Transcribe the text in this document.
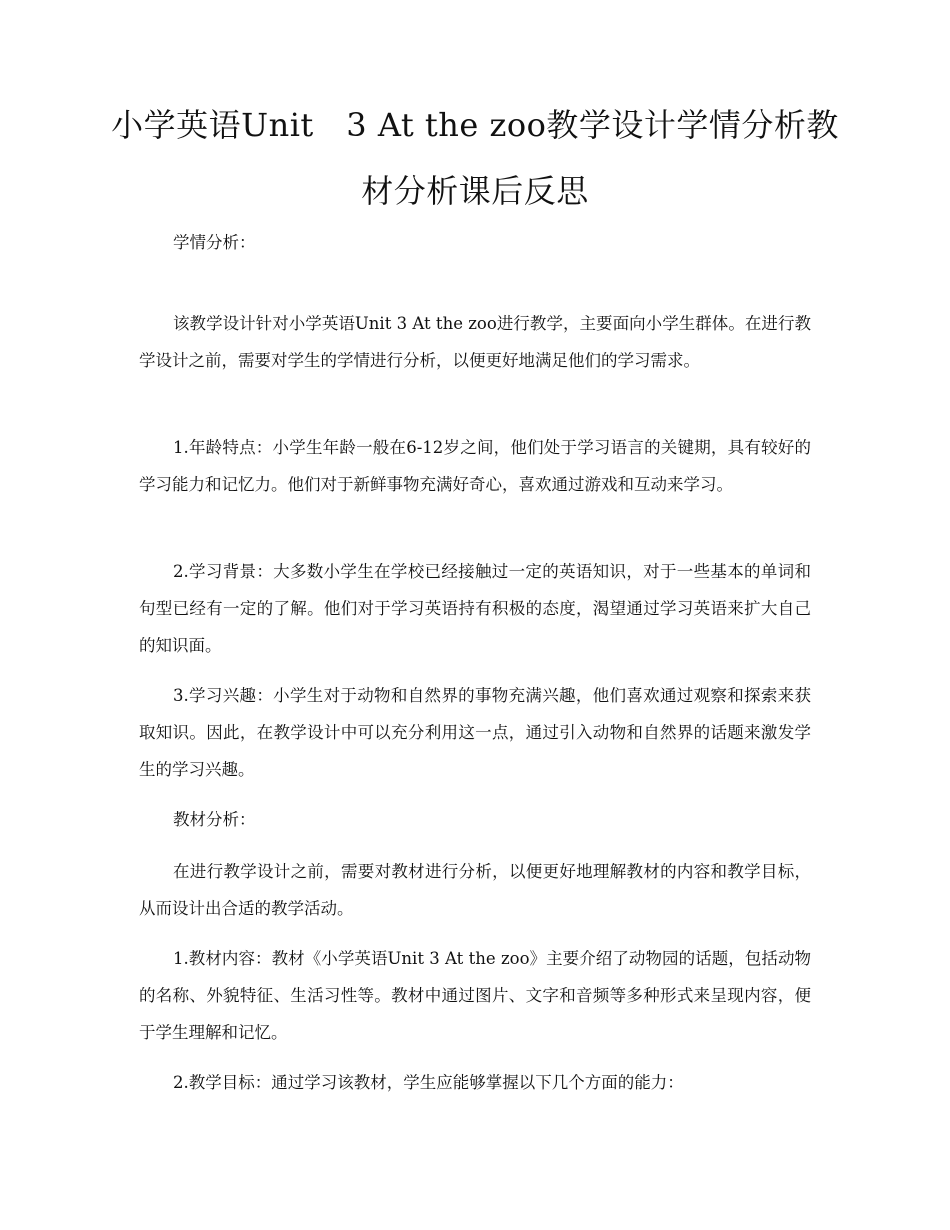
小学英语Unit　3 At the zoo教学设计学情分析教材分析课后反思

学情分析：

该教学设计针对小学英语Unit 3 At the zoo进行教学，主要面向小学生群体。在进行教学设计之前，需要对学生的学情进行分析，以便更好地满足他们的学习需求。

1.年龄特点：小学生年龄一般在6-12岁之间，他们处于学习语言的关键期，具有较好的学习能力和记忆力。他们对于新鲜事物充满好奇心，喜欢通过游戏和互动来学习。

2.学习背景：大多数小学生在学校已经接触过一定的英语知识，对于一些基本的单词和句型已经有一定的了解。他们对于学习英语持有积极的态度，渴望通过学习英语来扩大自己的知识面。

3.学习兴趣：小学生对于动物和自然界的事物充满兴趣，他们喜欢通过观察和探索来获取知识。因此，在教学设计中可以充分利用这一点，通过引入动物和自然界的话题来激发学生的学习兴趣。

教材分析：

在进行教学设计之前，需要对教材进行分析，以便更好地理解教材的内容和教学目标，从而设计出合适的教学活动。

1.教材内容：教材《小学英语Unit 3 At the zoo》主要介绍了动物园的话题，包括动物的名称、外貌特征、生活习性等。教材中通过图片、文字和音频等多种形式来呈现内容，便于学生理解和记忆。

2.教学目标：通过学习该教材，学生应能够掌握以下几个方面的能力：
